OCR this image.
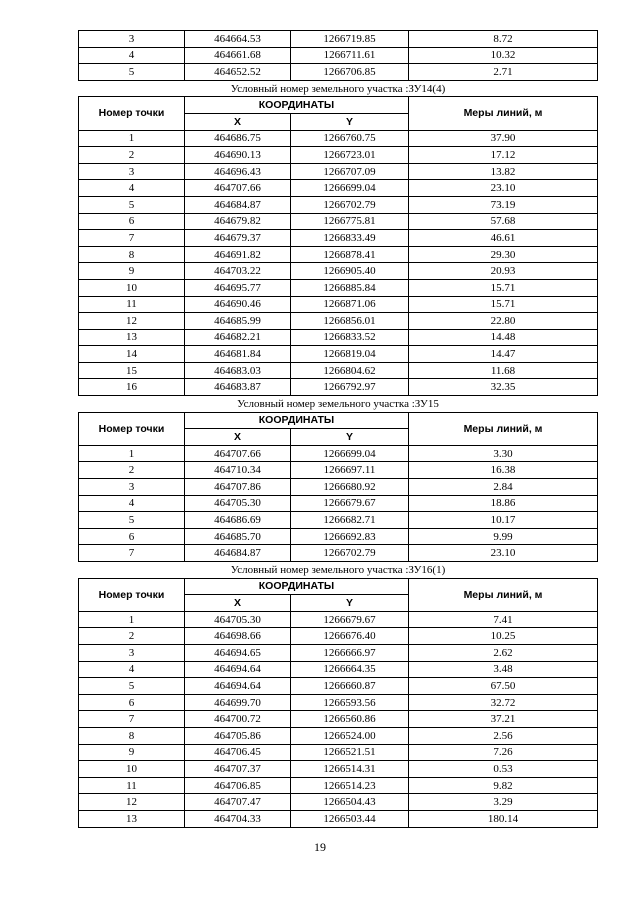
3	464664.53	1266719.85	8.72
4	464661.68	1266711.61	10.32
5	464652.52	1266706.85	2.71
Условный номер земельного участка :ЗУ14(4)			
Номер точки	КООРДИНАТЫ		Меры линий, м
	X	Y	
1	464686.75	1266760.75	37.90
2	464690.13	1266723.01	17.12
3	464696.43	1266707.09	13.82
4	464707.66	1266699.04	23.10
5	464684.87	1266702.79	73.19
6	464679.82	1266775.81	57.68
7	464679.37	1266833.49	46.61
8	464691.82	1266878.41	29.30
9	464703.22	1266905.40	20.93
10	464695.77	1266885.84	15.71
11	464690.46	1266871.06	15.71
12	464685.99	1266856.01	22.80
13	464682.21	1266833.52	14.48
14	464681.84	1266819.04	14.47
15	464683.03	1266804.62	11.68
16	464683.87	1266792.97	32.35
Условный номер земельного участка :ЗУ15			
Номер точки	КООРДИНАТЫ		Меры линий, м
	X	Y	
1	464707.66	1266699.04	3.30
2	464710.34	1266697.11	16.38
3	464707.86	1266680.92	2.84
4	464705.30	1266679.67	18.86
5	464686.69	1266682.71	10.17
6	464685.70	1266692.83	9.99
7	464684.87	1266702.79	23.10
Условный номер земельного участка :ЗУ16(1)			
Номер точки	КООРДИНАТЫ		Меры линий, м
	X	Y	
1	464705.30	1266679.67	7.41
2	464698.66	1266676.40	10.25
3	464694.65	1266666.97	2.62
4	464694.64	1266664.35	3.48
5	464694.64	1266660.87	67.50
6	464699.70	1266593.56	32.72
7	464700.72	1266560.86	37.21
8	464705.86	1266524.00	2.56
9	464706.45	1266521.51	7.26
10	464707.37	1266514.31	0.53
11	464706.85	1266514.23	9.82
12	464707.47	1266504.43	3.29
13	464704.33	1266503.44	180.14
19
